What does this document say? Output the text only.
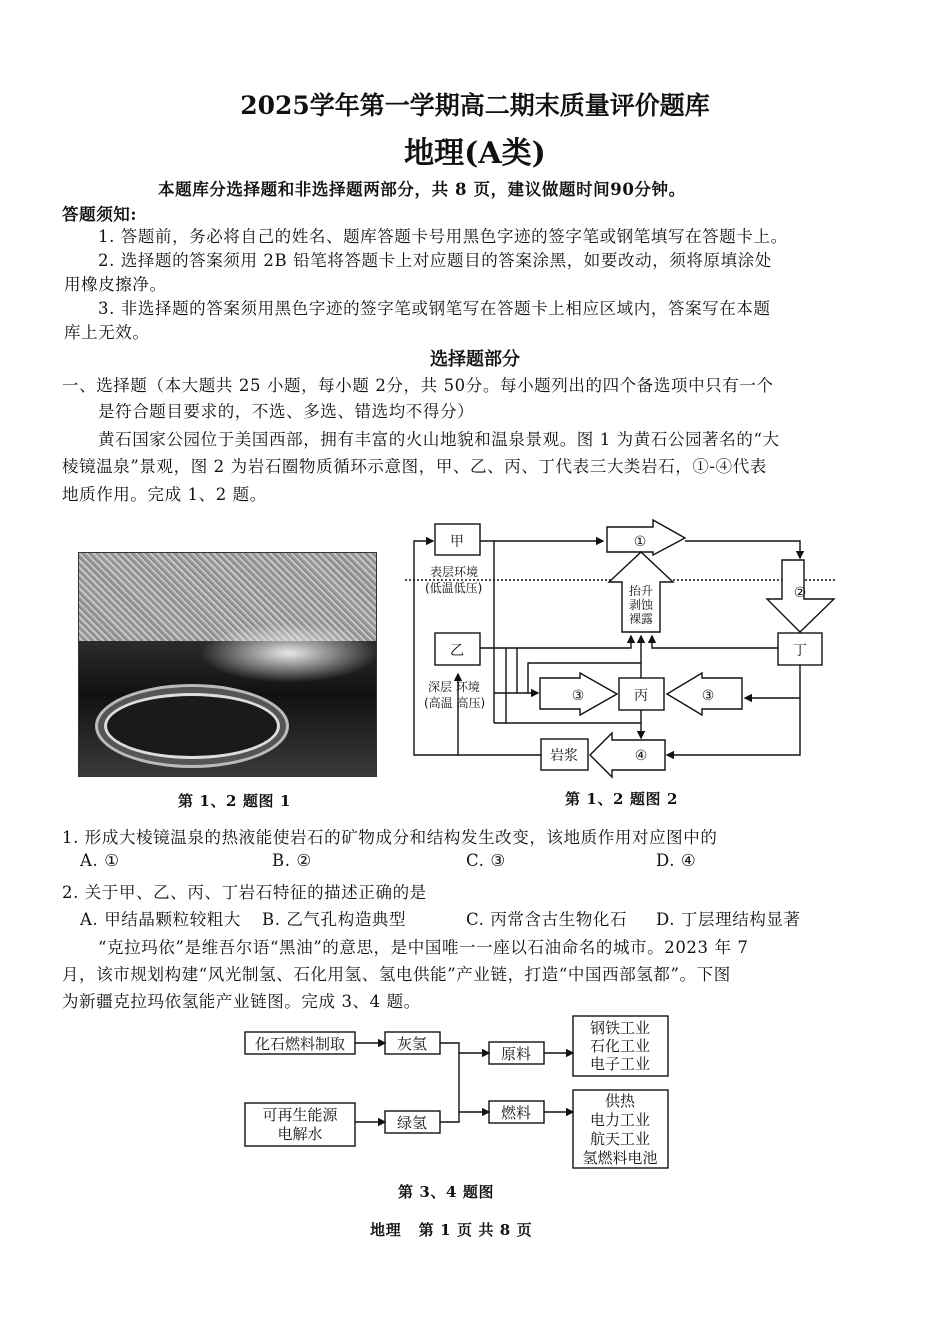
2025学年第一学期高二期末质量评价题库
地理(A类)
本题库分选择题和非选择题两部分，共 8 页，建议做题时间90分钟。
答题须知:
1. 答题前，务必将自己的姓名、题库答题卡号用黑色字迹的签字笔或钢笔填写在答题卡上。
2. 选择题的答案须用 2B 铅笔将答题卡上对应题目的答案涂黑，如要改动，须将原填涂处
用橡皮擦净。
3. 非选择题的答案须用黑色字迹的签字笔或钢笔写在答题卡上相应区域内，答案写在本题
库上无效。
选择题部分
一、选择题（本大题共 25 小题，每小题 2分，共 50分。每小题列出的四个备选项中只有一个
是符合题目要求的，不选、多选、错选均不得分）
黄石国家公园位于美国西部，拥有丰富的火山地貌和温泉景观。图 1 为黄石公园著名的“大
棱镜温泉”景观，图 2 为岩石圈物质循环示意图，甲、乙、丙、丁代表三大类岩石，①-④代表
地质作用。完成 1、2 题。
第 1、2 题图 1
甲
乙
丙
丁
岩浆
①
②
③	③
④
抬升
剥蚀
裸露
表层环境
(低温低压)
深层 环境
(高温 高压)
第 1、2 题图 2
1. 形成大棱镜温泉的热液能使岩石的矿物成分和结构发生改变，该地质作用对应图中的
A. ①	B. ②	C. ③	D. ④
2. 关于甲、乙、丙、丁岩石特征的描述正确的是
A. 甲结晶颗粒较粗大 B. 乙气孔构造典型	C. 丙常含古生物化石 D. 丁层理结构显著
“克拉玛依”是维吾尔语“黑油”的意思，是中国唯一一座以石油命名的城市。2023 年 7
月，该市规划构建“风光制氢、石化用氢、氢电供能”产业链，打造“中国西部氢都”。下图
为新疆克拉玛依氢能产业链图。完成 3、4 题。
化石燃料制取
可再生能源
电解水
灰氢
绿氢
原料
燃料
钢铁工业
石化工业
电子工业
供热
电力工业
航天工业
氢燃料电池
第 3、4 题图
地理   第 1 页 共 8 页
